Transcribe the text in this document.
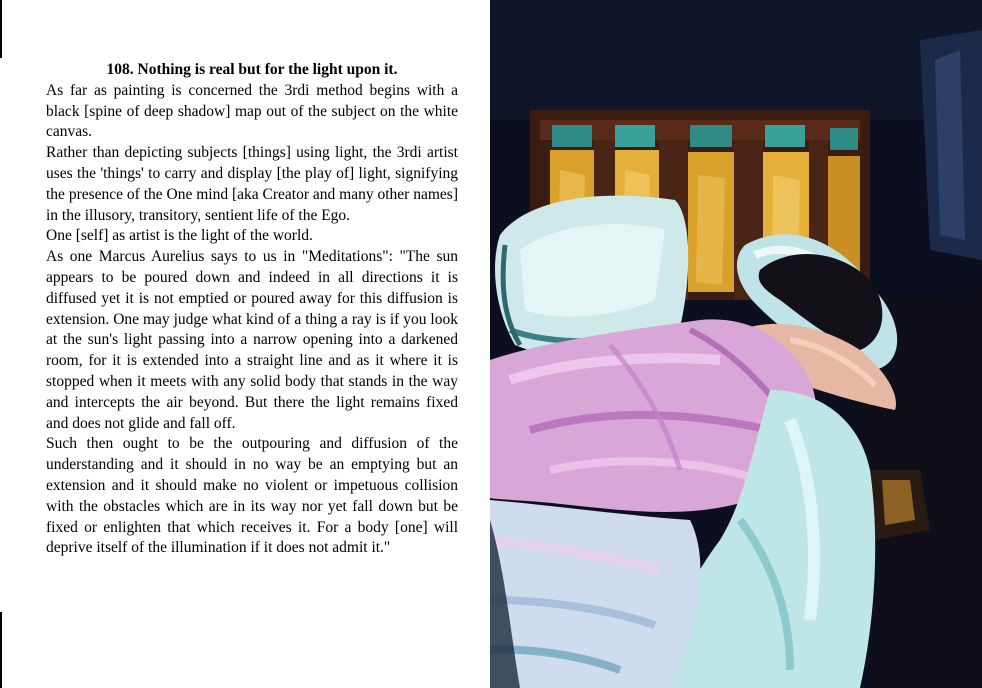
108. Nothing is real but for the light upon it.

As far as painting is concerned the 3rdi method begins with a black [spine of deep shadow] map out of the subject on the white canvas.

Rather than depicting subjects [things] using light, the 3rdi artist uses the 'things' to carry and display [the play of] light, signifying the presence of the One mind [aka Creator and many other names] in the illusory, transitory, sentient life of the Ego.

One [self] as artist is the light of the world.

As one Marcus Aurelius says to us in "Meditations": "The sun appears to be poured down and indeed in all directions it is diffused yet it is not emptied or poured away for this diffusion is extension. One may judge what kind of a thing a ray is if you look at the sun's light passing into a narrow opening into a darkened room, for it is extended into a straight line and as it where it is stopped when it meets with any solid body that stands in the way and intercepts the air beyond. But there the light remains fixed and does not glide and fall off.

Such then ought to be the outpouring and diffusion of the understanding and it should in no way be an emptying but an extension and it should make no violent or impetuous collision with the obstacles which are in its way nor yet fall down but be fixed or enlighten that which receives it. For a body [one] will deprive itself of the illumination if it does not admit it."
